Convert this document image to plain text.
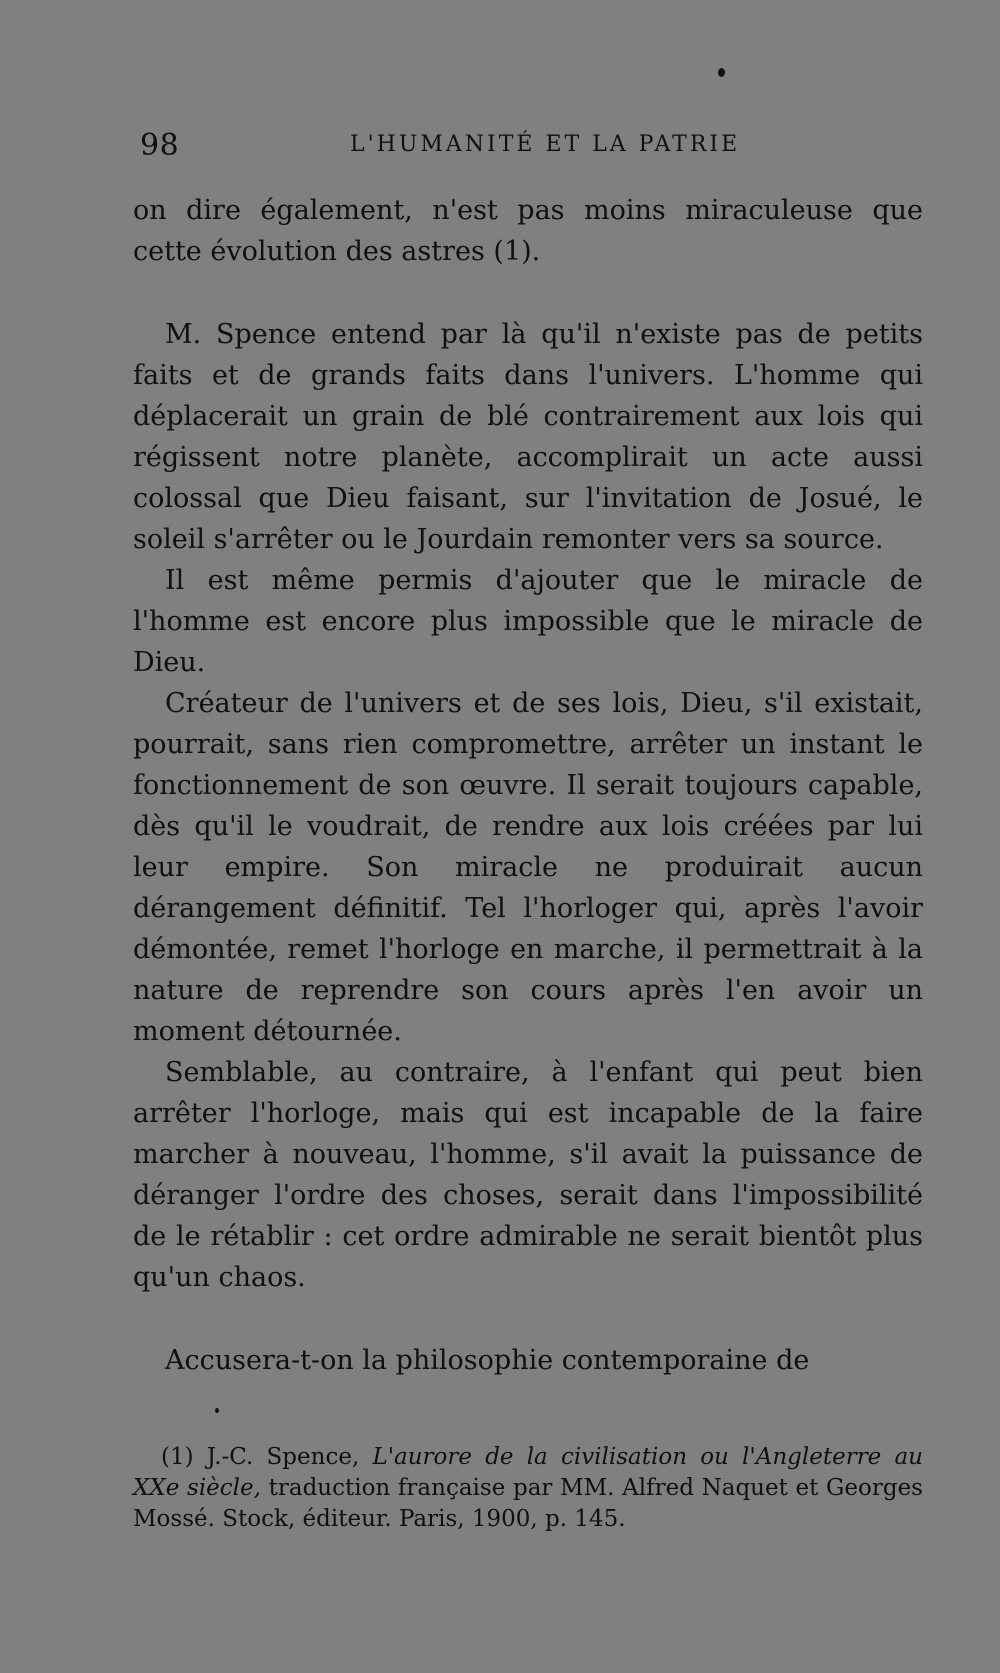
98	L'HUMANITÉ ET LA PATRIE

on dire également, n'est pas moins miraculeuse que cette évolution des astres (1).

M. Spence entend par là qu'il n'existe pas de petits faits et de grands faits dans l'univers. L'homme qui déplacerait un grain de blé contrairement aux lois qui régissent notre planète, accomplirait un acte aussi colossal que Dieu faisant, sur l'invitation de Josué, le soleil s'arrêter ou le Jourdain remonter vers sa source.

Il est même permis d'ajouter que le miracle de l'homme est encore plus impossible que le miracle de Dieu.

Créateur de l'univers et de ses lois, Dieu, s'il existait, pourrait, sans rien compromettre, arrêter un instant le fonctionnement de son œuvre. Il serait toujours capable, dès qu'il le voudrait, de rendre aux lois créées par lui leur empire. Son miracle ne produirait aucun dérangement définitif. Tel l'horloger qui, après l'avoir démontée, remet l'horloge en marche, il permettrait à la nature de reprendre son cours après l'en avoir un moment détournée.

Semblable, au contraire, à l'enfant qui peut bien arrêter l'horloge, mais qui est incapable de la faire marcher à nouveau, l'homme, s'il avait la puissance de déranger l'ordre des choses, serait dans l'impossibilité de le rétablir : cet ordre admirable ne serait bientôt plus qu'un chaos.

Accusera-t-on la philosophie contemporaine de

(1) J.-C. Spence, L'aurore de la civilisation ou l'Angleterre au XXe siècle, traduction française par MM. Alfred Naquet et Georges Mossé. Stock, éditeur. Paris, 1900, p. 145.
